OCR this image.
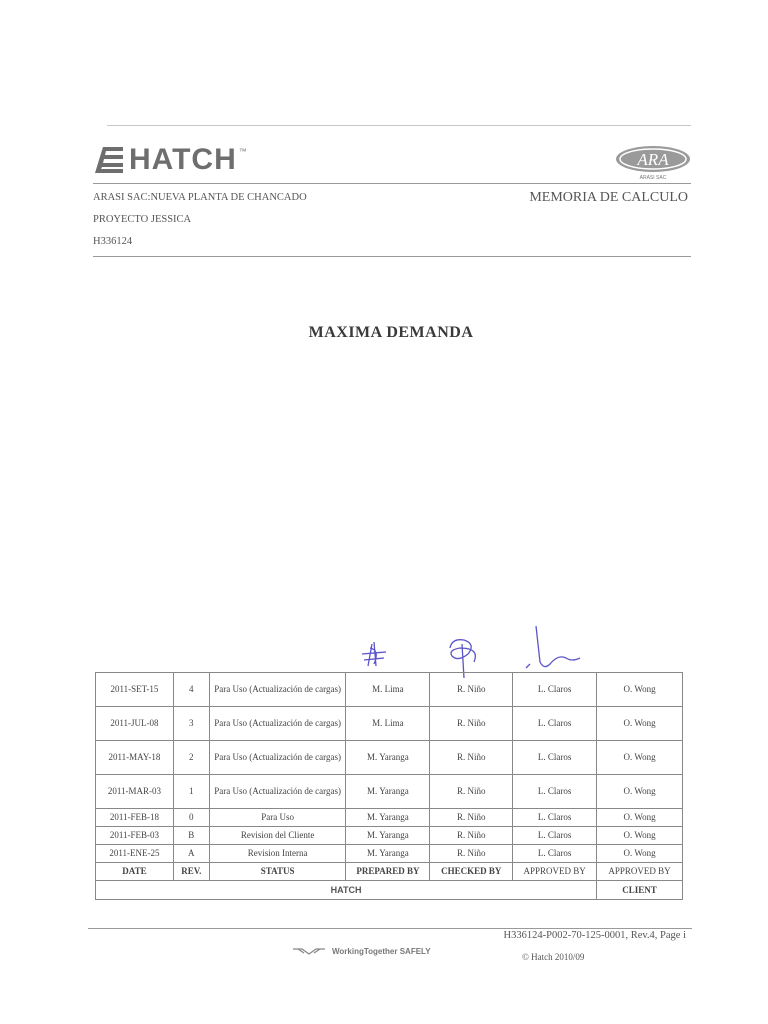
HATCH ™	ARA
ARASI SAC
ARASI SAC:NUEVA PLANTA DE CHANCADO	MEMORIA DE CALCULO
PROYECTO JESSICA
H336124
MAXIMA DEMANDA
2011-SET-15	4	Para Uso (Actualización de cargas)	M. Lima	R. Niño	L. Claros	O. Wong
2011-JUL-08	3	Para Uso (Actualización de cargas)	M. Lima	R. Niño	L. Claros	O. Wong
2011-MAY-18	2	Para Uso (Actualización de cargas)	M. Yaranga	R. Niño	L. Claros	O. Wong
2011-MAR-03	1	Para Uso (Actualización de cargas)	M. Yaranga	R. Niño	L. Claros	O. Wong
2011-FEB-18	0	Para Uso	M. Yaranga	R. Niño	L. Claros	O. Wong
2011-FEB-03	B	Revision del Cliente	M. Yaranga	R. Niño	L. Claros	O. Wong
2011-ENE-25	A	Revision Interna	M. Yaranga	R. Niño	L. Claros	O. Wong
DATE	REV.	STATUS	PREPARED BY	CHECKED BY	APPROVED BY	APPROVED BY
HATCH						CLIENT
H336124-P002-70-125-0001, Rev.4, Page i
WorkingTogether SAFELY
© Hatch 2010/09
